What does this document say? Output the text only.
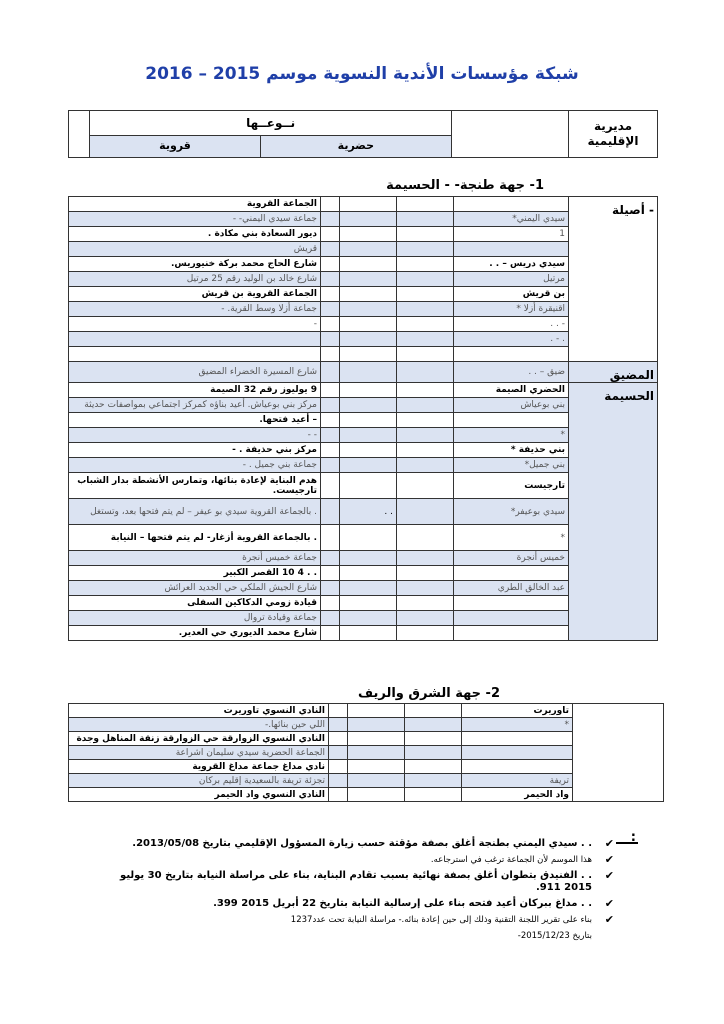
شبكة مؤسسات الأندية النسوية موسم 2015 – 2016
مديرية الإقليمية		نــوعــها		
		حضرية	قروية	
1- جهة طنجة- - الحسيمة
- أصيلة					الجماعة القروية
	سيدي اليمني*				جماعة سيدي اليمني- -
	1				ديور السعادة بني مكادة .
					قريش
	سيدي دريس – . .				شارع الحاج محمد بركة خنيوريس.
	مرتيل				شارع خالد بن الوليد رقم 25 مرتيل
	بن قريش				الجماعة القروية بن قريش
	اقنيقرة أزلا *				جماعة أزلا وسط القرية. -
	- . .				-
	. - .				

المضيق	ضيق – . .				شارع المسيرة الخضراء المضيق
الحسيمة	الحضري الصيمة				9 يوليوز رقم 32 الصيمة
	بني بوعياش				مركز بني بوعياش. أعيد بناؤه كمركز اجتماعي بمواصفات حديثة
					– أعيد فتحها.
	*				- -
	بني حذيفة *				مركز بني حذيفة . -
	بني جميل*				جماعة بني جميل . -
	تارجيست				هدم البناية لإعادة بنائها، وتمارس الأنشطة بدار الشباب تارجيست.
	سيدي بوعيفر*		. .		. بالجماعة القروية سيدي بو عيفر – لم يتم فتحها بعد، وتستغل
	*				. بالجماعة القروية أزغار- لم يتم فتحها – النيابة
	خميس أنجرة				جماعة خميس أنجرة
					. . 4 10 القصر الكبير
	عبد الخالق الطري				شارع الجيش الملكي حي الجديد العرائش
					قيادة زومي الدكاكين السفلى
					جماعة وقيادة تروال
					شارع محمد الديوري حي العدير.
2- جهة الشرق والريف
	تاوريرت				النادي النسوي تاوريرت
	*				اللي حين بنائها.-
					النادي النسوي الزوارقة حي الزوارقة زنقة المناهل وجدة
					الجماعة الحضرية سيدي سليمان اشراعة
					نادي مداغ جماعة مداغ القروية
	تريفة				تجزئة تريفة بالسعيدية إقليم بركان
	واد الحيمر				النادي النسوي واد الحيمر
:
✔
. . سيدي اليمني بطنجة أغلق بصفة مؤقتة حسب زيارة المسؤول الإقليمي بتاريخ 2013/05/08.
✔
هذا الموسم لأن الجماعة ترغب في استرجاعه.
✔
. . الفنيدق بتطوان أغلق بصفة نهائية بسبب تقادم البناية، بناء على مراسلة النيابة بتاريخ 30 يوليو 2015 911.
✔
. . مداغ ببركان أعيد فتحه بناء على إرسالية النيابة بتاريخ 22 أبريل 2015 399.
✔
بناء على تقرير اللجنة التقنية وذلك إلى حين إعادة بنائه.- مراسلة النيابة تحت عدد1237
بتاريخ 2015/12/23-
